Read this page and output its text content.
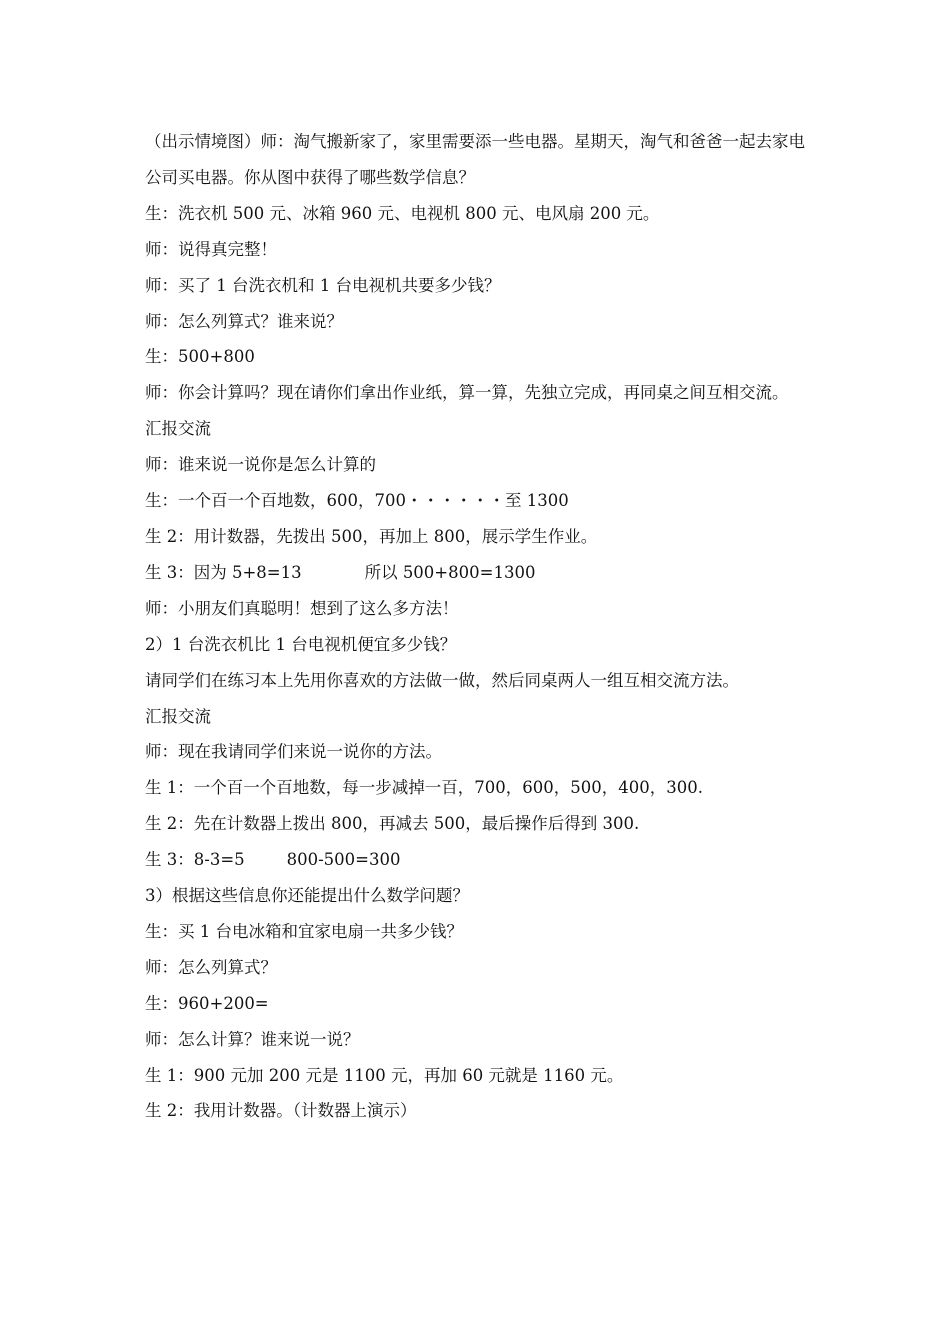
（出示情境图）师：淘气搬新家了，家里需要添一些电器。星期天，淘气和爸爸一起去家电公司买电器。你从图中获得了哪些数学信息？

生：洗衣机 500 元、冰箱 960 元、电视机 800 元、电风扇 200 元。

师：说得真完整！

师：买了 1 台洗衣机和 1 台电视机共要多少钱？

师：怎么列算式？谁来说？

生：500+800

师：你会计算吗？现在请你们拿出作业纸，算一算，先独立完成，再同桌之间互相交流。

汇报交流

师：谁来说一说你是怎么计算的

生：一个百一个百地数，600，700・・・・・・至 1300

生 2：用计数器，先拨出 500，再加上 800，展示学生作业。

生 3：因为 5+8=13            所以 500+800=1300

师：小朋友们真聪明！想到了这么多方法！

2）1 台洗衣机比 1 台电视机便宜多少钱？

请同学们在练习本上先用你喜欢的方法做一做，然后同桌两人一组互相交流方法。

汇报交流

师：现在我请同学们来说一说你的方法。

生 1：一个百一个百地数，每一步减掉一百，700，600，500，400，300.

生 2：先在计数器上拨出 800，再减去 500，最后操作后得到 300.

生 3：8-3=5        800-500=300

3）根据这些信息你还能提出什么数学问题？

生：买 1 台电冰箱和宜家电扇一共多少钱？

师：怎么列算式？

生：960+200=

师：怎么计算？谁来说一说？

生 1：900 元加 200 元是 1100 元，再加 60 元就是 1160 元。

生 2：我用计数器。（计数器上演示）
